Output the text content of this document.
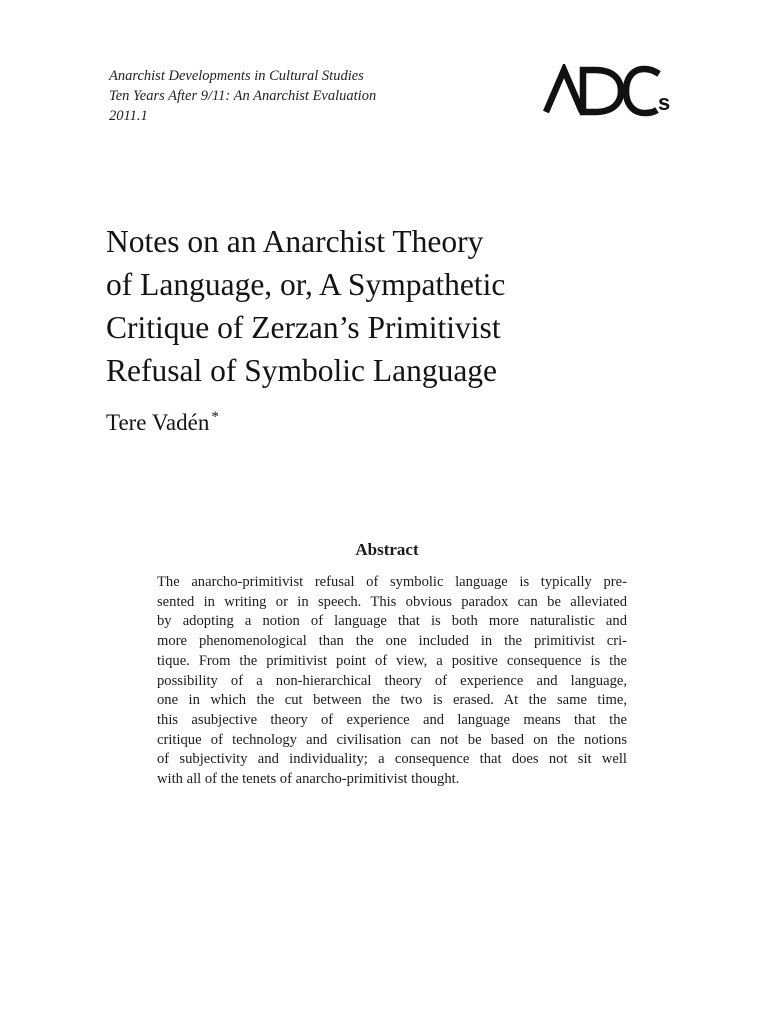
Anarchist Developments in Cultural Studies
Ten Years After 9/11: An Anarchist Evaluation
2011.1
s
Notes on an Anarchist Theory
of Language, or, A Sympathetic
Critique of Zerzan’s Primitivist
Refusal of Symbolic Language
Tere Vadén *
Abstract
The anarcho-primitivist refusal of symbolic language is typically pre-
sented in writing or in speech. This obvious paradox can be alleviated
by adopting a notion of language that is both more naturalistic and
more phenomenological than the one included in the primitivist cri-
tique. From the primitivist point of view, a positive consequence is the
possibility of a non-hierarchical theory of experience and language,
one in which the cut between the two is erased. At the same time,
this asubjective theory of experience and language means that the
critique of technology and civilisation can not be based on the notions
of subjectivity and individuality; a consequence that does not sit well
with all of the tenets of anarcho-primitivist thought.
